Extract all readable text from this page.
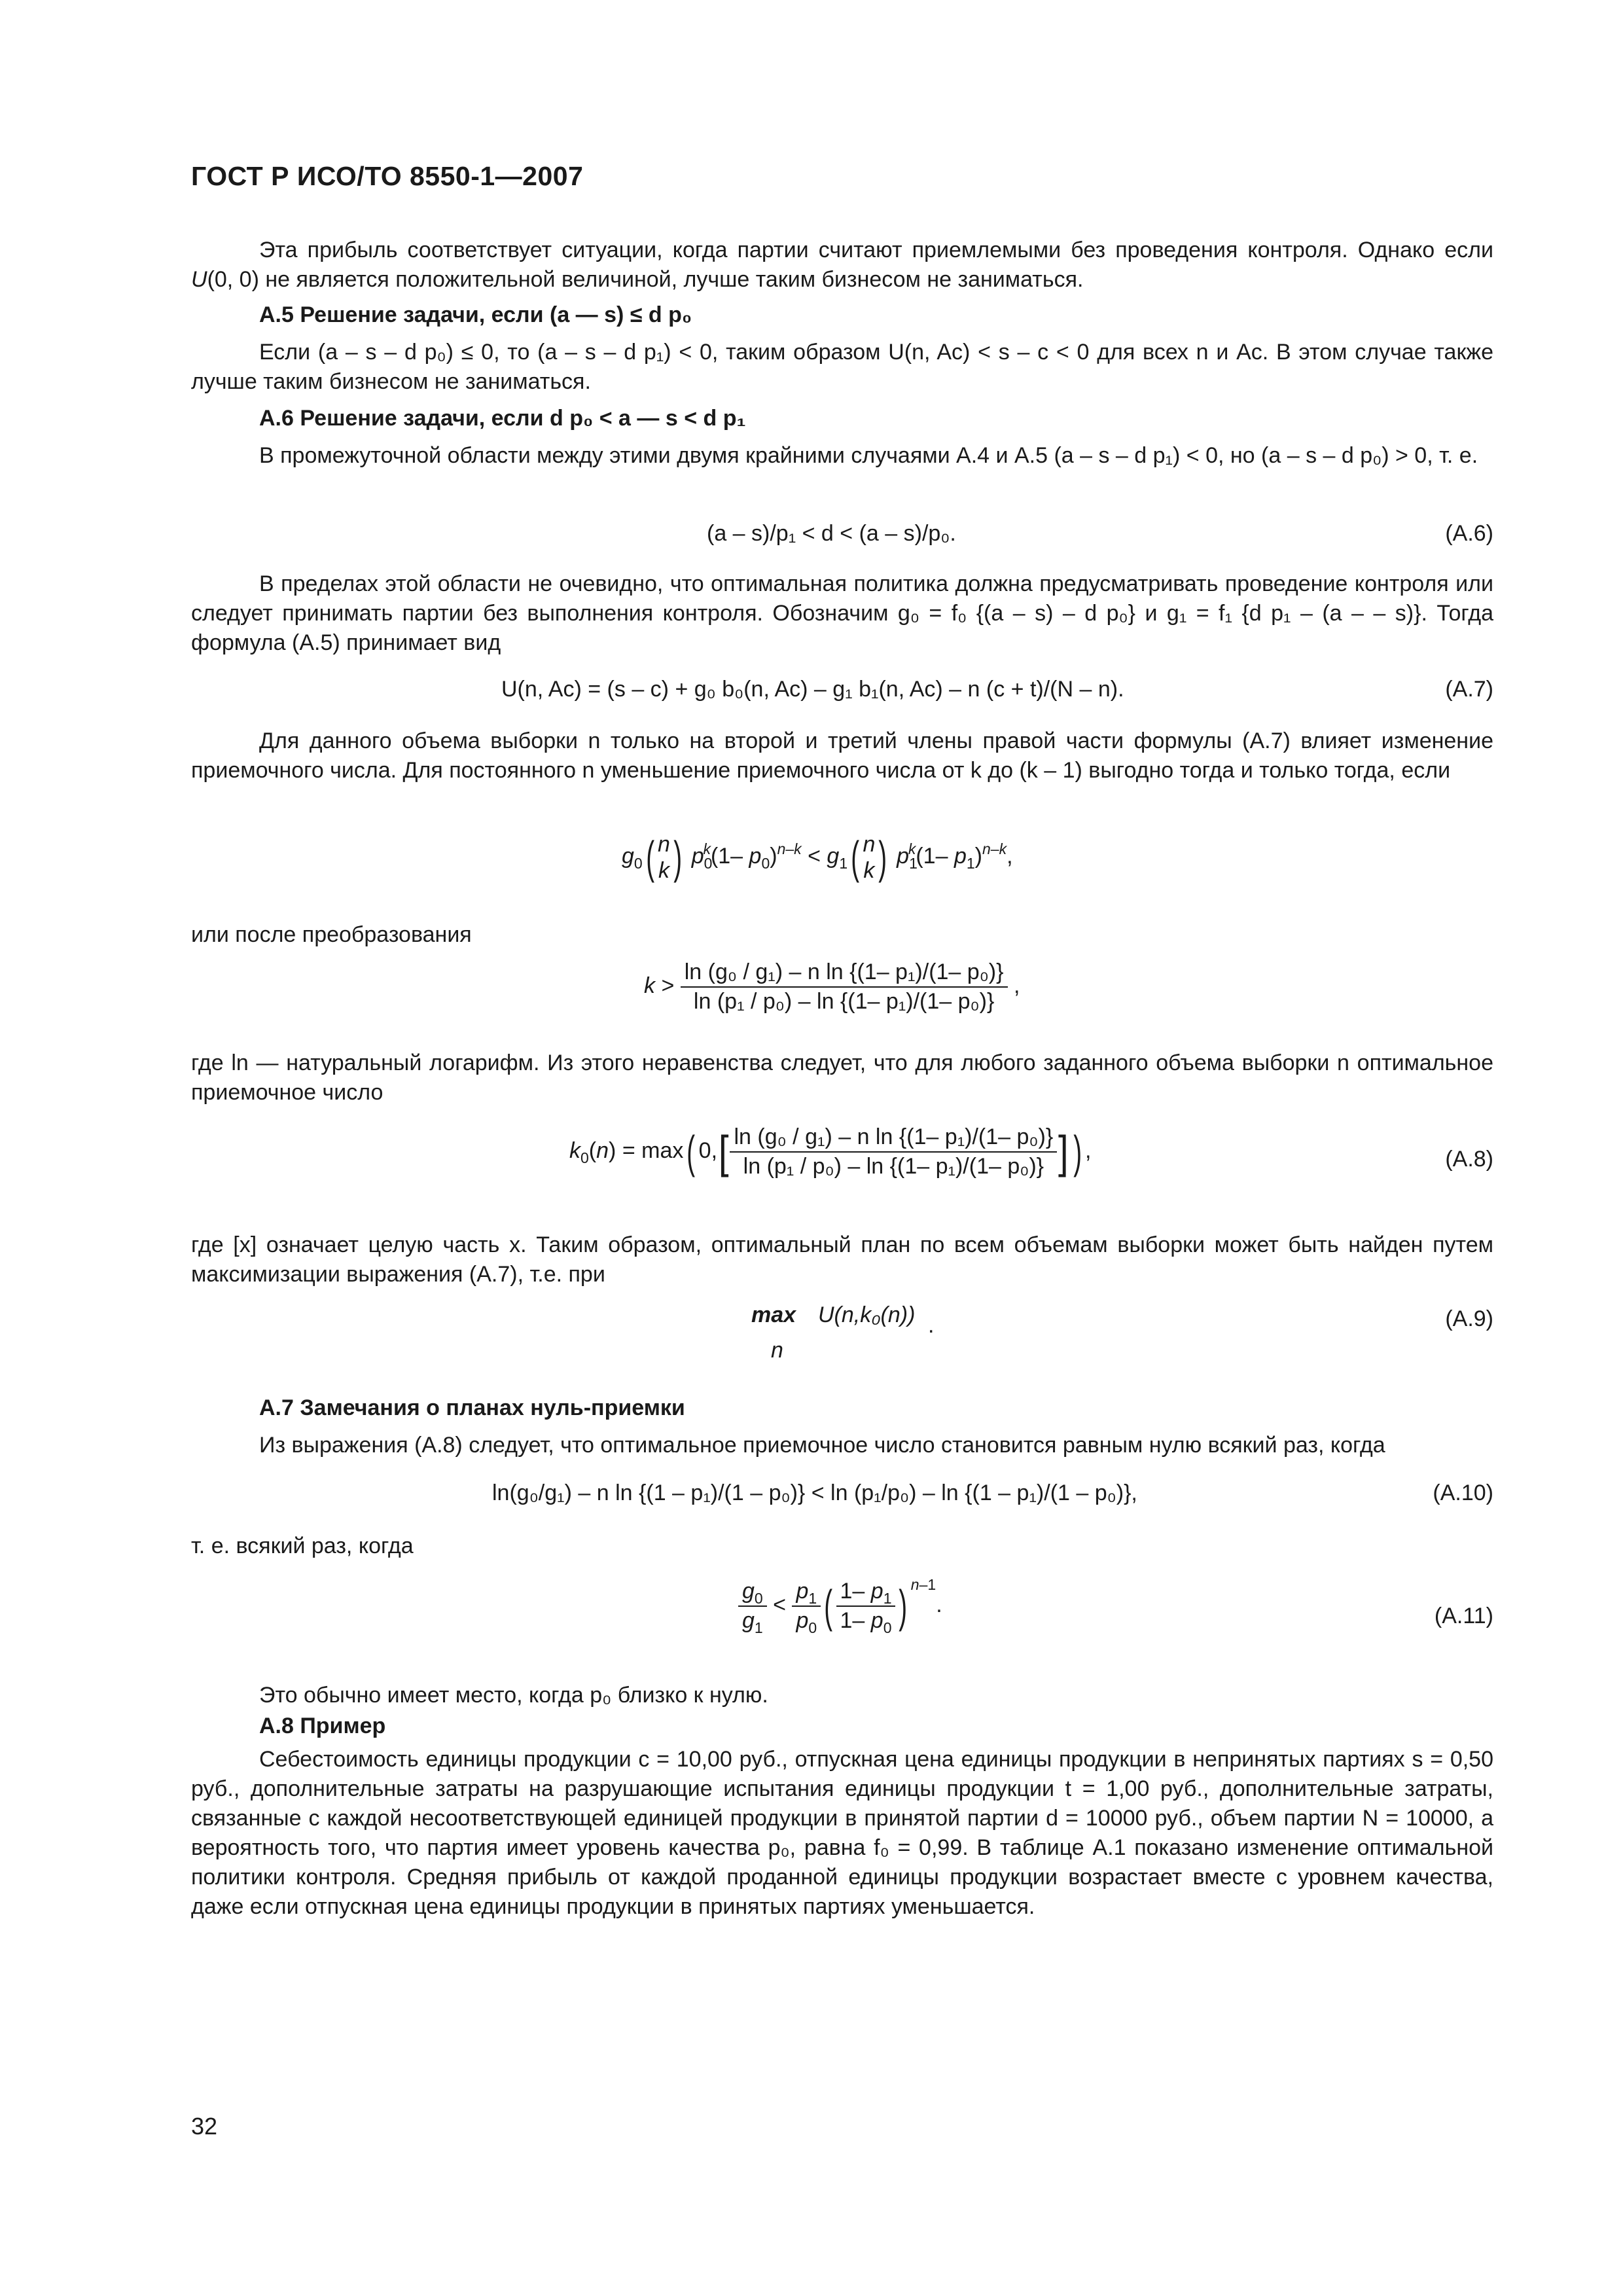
ГОСТ Р ИСО/ТО 8550-1—2007
Эта прибыль соответствует ситуации, когда партии считают приемлемыми без проведения контроля. Однако если U(0, 0) не является положительной величиной, лучше таким бизнесом не заниматься.
А.5 Решение задачи, если (a — s) ≤ d p₀
Если (a – s – d p₀) ≤ 0, то (a – s – d p₁) < 0, таким образом U(n, Ac) < s – c < 0 для всех n и Ac. В этом случае также лучше таким бизнесом не заниматься.
А.6 Решение задачи, если d p₀ < a — s < d p₁
В промежуточной области между этими двумя крайними случаями А.4 и А.5 (a – s – d p₁) < 0, но (a – s – d p₀) > 0, т. е.
(a – s)/p₁ < d < (a – s)/p₀.	(A.6)
В пределах этой области не очевидно, что оптимальная политика должна предусматривать проведение контроля или следует принимать партии без выполнения контроля. Обозначим g₀ = f₀ {(a – s) – d p₀} и g₁ = f₁ {d p₁ – (a – – s)}. Тогда формула (A.5) принимает вид
U(n, Ac) = (s – c) + g₀ b₀(n, Ac) – g₁ b₁(n, Ac) – n (c + t)/(N – n).	(A.7)
Для данного объема выборки n только на второй и третий члены правой части формулы (A.7) влияет изменение приемочного числа. Для постоянного n уменьшение приемочного числа от k до (k – 1) выгодно тогда и только тогда, если
$g_0$( n
k ) $p_0^k(1-$ $p_0)^{n-k} < g_1$( n
k ) $p_1^k(1-$ $p_1)^{n-k}$,
или после преобразования
$k > \frac{\text{ln (g₀ / g₁) – n ln \{(1– p₁)/(1– p₀)\}}}{\text{ln (p₁ / p₀) – ln \{(1– p₁)/(1– p₀)\}}}$ ,
где ln — натуральный логарифм. Из этого неравенства следует, что для любого заданного объема выборки n оптимальное приемочное число
$k_0(n) = \max$( $0,[ \frac{\text{ln (g₀ / g₁) – n ln \{(1– p₁)/(1– p₀)\}}}{\text{ln (p₁ / p₀) – ln \{(1– p₁)/(1– p₀)\}}}$ ] ) ,	(A.8)
где [x] означает целую часть x. Таким образом, оптимальный план по всем объемам выборки может быть найден путем максимизации выражения (A.7), т.е. при
max U(n,k₀(n))
n
.	(A.9)
А.7 Замечания о планах нуль-приемки
Из выражения (A.8) следует, что оптимальное приемочное число становится равным нулю всякий раз, когда
ln(g₀/g₁) – n ln {(1 – p₁)/(1 – p₀)} < ln (p₁/p₀) – ln {(1 – p₁)/(1 – p₀)},	(A.10)
т. е. всякий раз, когда
$\frac{g_0}{g_1} < \frac{p_1}{p_0}$ ( $\frac{1- p_1}{1- p_0}$ ) $^{n-1}$.	(A.11)
Это обычно имеет место, когда p₀ близко к нулю.
А.8 Пример
Себестоимость единицы продукции c = 10,00 руб., отпускная цена единицы продукции в непринятых партиях s = 0,50 руб., дополнительные затраты на разрушающие испытания единицы продукции t = 1,00 руб., дополнительные затраты, связанные с каждой несоответствующей единицей продукции в принятой партии d = 10000 руб., объем партии N = 10000, а вероятность того, что партия имеет уровень качества p₀, равна f₀ = 0,99. В таблице А.1 показано изменение оптимальной политики контроля. Средняя прибыль от каждой проданной единицы продукции возрастает вместе с уровнем качества, даже если отпускная цена единицы продукции в принятых партиях уменьшается.
32
